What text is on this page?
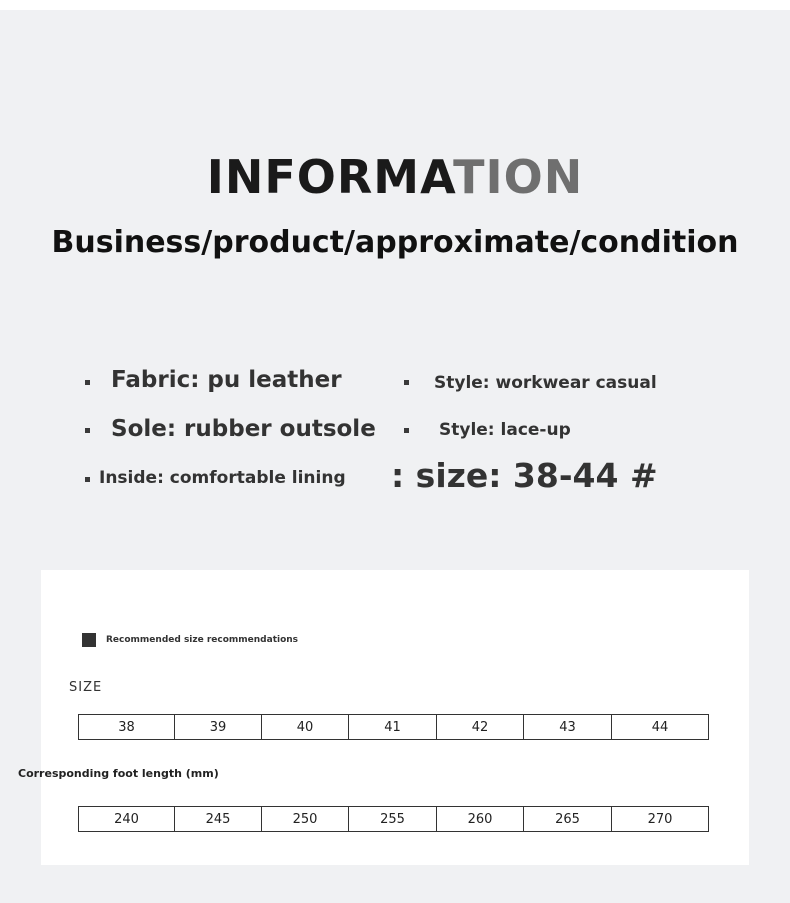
INFORMATION
Business/product/approximate/condition
Fabric: pu leather	Style: workwear casual
Sole: rubber outsole	Style: lace-up
Inside: comfortable lining : size: 38-44 #
Recommended size recommendations
SIZE
38	39	40	41	42	43	44
Corresponding foot length (mm)
240	245	250	255	260	265	270
